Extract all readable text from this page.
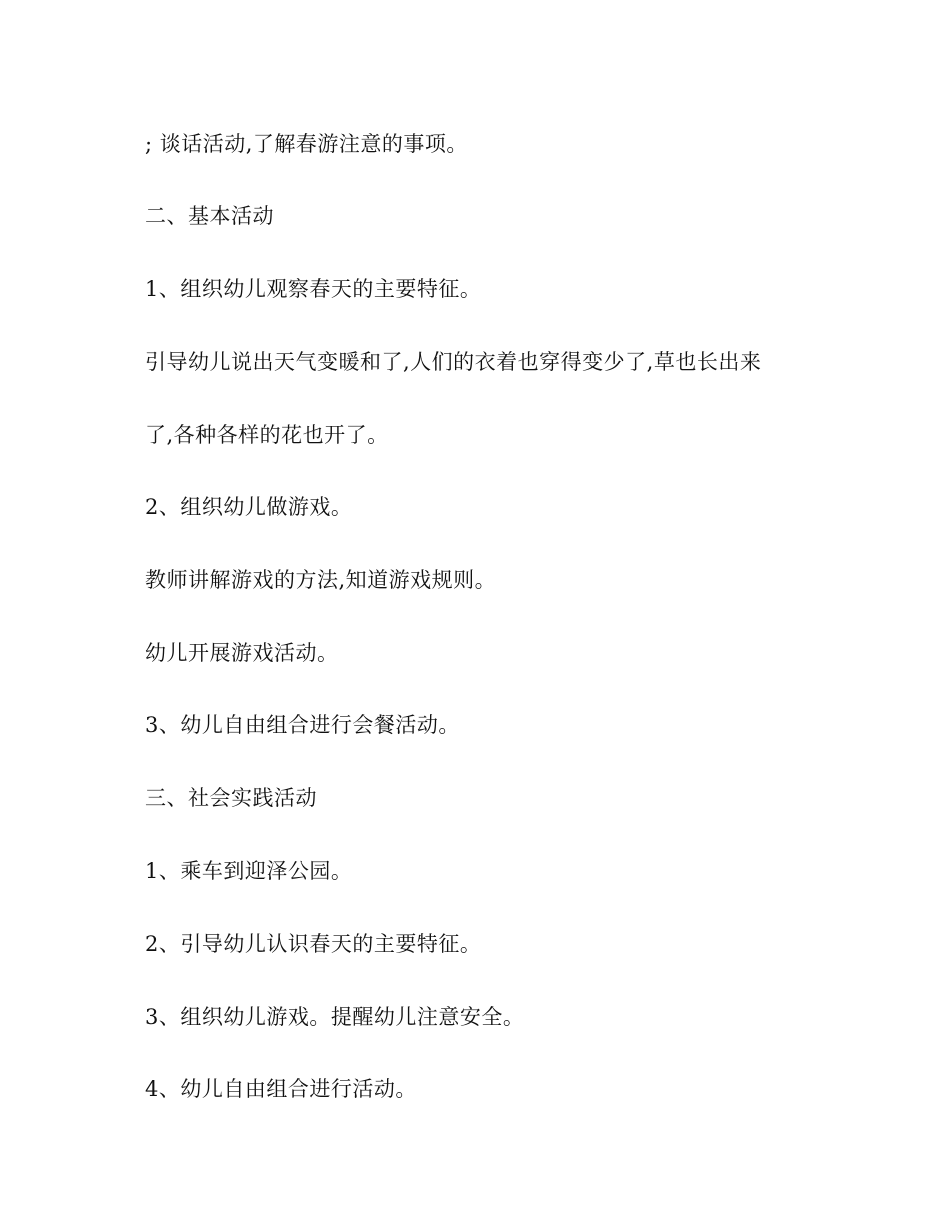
; 谈话活动,了解春游注意的事项。

二、基本活动

1、组织幼儿观察春天的主要特征。

引导幼儿说出天气变暖和了,人们的衣着也穿得变少了,草也长出来

了,各种各样的花也开了。

2、组织幼儿做游戏。

教师讲解游戏的方法,知道游戏规则。

幼儿开展游戏活动。

3、幼儿自由组合进行会餐活动。

三、社会实践活动

1、乘车到迎泽公园。

2、引导幼儿认识春天的主要特征。

3、组织幼儿游戏。提醒幼儿注意安全。

4、幼儿自由组合进行活动。
